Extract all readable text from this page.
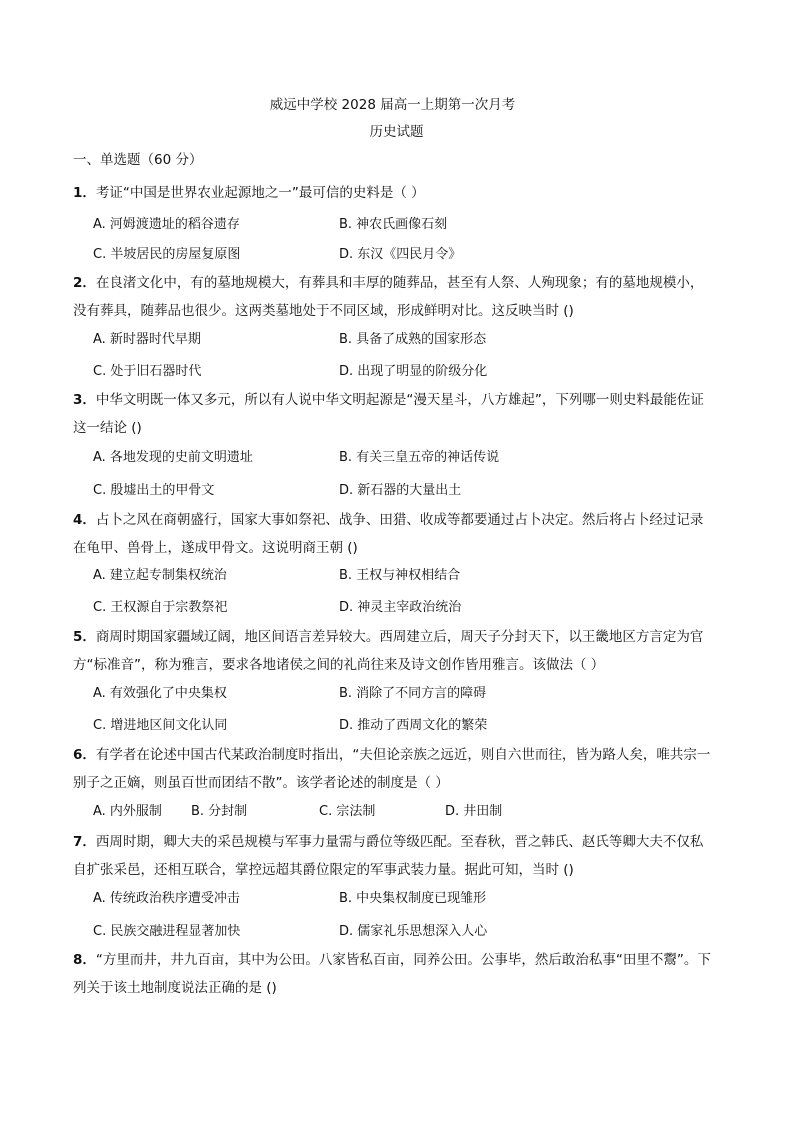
威远中学校 2028 届高一上期第一次月考
历史试题
一、单选题（60 分）
1．考证“中国是世界农业起源地之一”最可信的史料是（ ）
A. 河姆渡遗址的稻谷遗存	B. 神农氏画像石刻
C. 半坡居民的房屋复原图	D. 东汉《四民月令》
2．在良渚文化中，有的墓地规模大，有葬具和丰厚的随葬品，甚至有人祭、人殉现象；有的墓地规模小，没有葬具，随葬品也很少。这两类墓地处于不同区域，形成鲜明对比。这反映当时 ()
A. 新时器时代早期	B. 具备了成熟的国家形态
C. 处于旧石器时代	D. 出现了明显的阶级分化
3．中华文明既一体又多元，所以有人说中华文明起源是“漫天星斗，八方雄起”，下列哪一则史料最能佐证这一结论 ()
A. 各地发现的史前文明遗址	B. 有关三皇五帝的神话传说
C. 殷墟出土的甲骨文	D. 新石器的大量出土
4．占卜之风在商朝盛行，国家大事如祭祀、战争、田猎、收成等都要通过占卜决定。然后将占卜经过记录在龟甲、兽骨上，遂成甲骨文。这说明商王朝 ()
A. 建立起专制集权统治	B. 王权与神权相结合
C. 王权源自于宗教祭祀	D. 神灵主宰政治统治
5．商周时期国家疆域辽阔，地区间语言差异较大。西周建立后，周天子分封天下，以王畿地区方言定为官方“标准音”，称为雅言，要求各地诸侯之间的礼尚往来及诗文创作皆用雅言。该做法（ ）
A. 有效强化了中央集权	B. 消除了不同方言的障碍
C. 增进地区间文化认同	D. 推动了西周文化的繁荣
6．有学者在论述中国古代某政治制度时指出，“夫但论亲族之远近，则自六世而往，皆为路人矣，唯共宗一别子之正嫡，则虽百世而团结不散”。该学者论述的制度是（ ）
A. 内外服制 B. 分封制	C. 宗法制	D. 井田制
7．西周时期，卿大夫的采邑规模与军事力量需与爵位等级匹配。至春秋，晋之韩氏、赵氏等卿大夫不仅私自扩张采邑，还相互联合，掌控远超其爵位限定的军事武装力量。据此可知，当时 ()
A. 传统政治秩序遭受冲击	B. 中央集权制度已现雏形
C. 民族交融进程显著加快	D. 儒家礼乐思想深入人心
8．“方里而井，井九百亩，其中为公田。八家皆私百亩，同养公田。公事毕，然后敢治私事“田里不鬻”。下列关于该土地制度说法正确的是 ()
